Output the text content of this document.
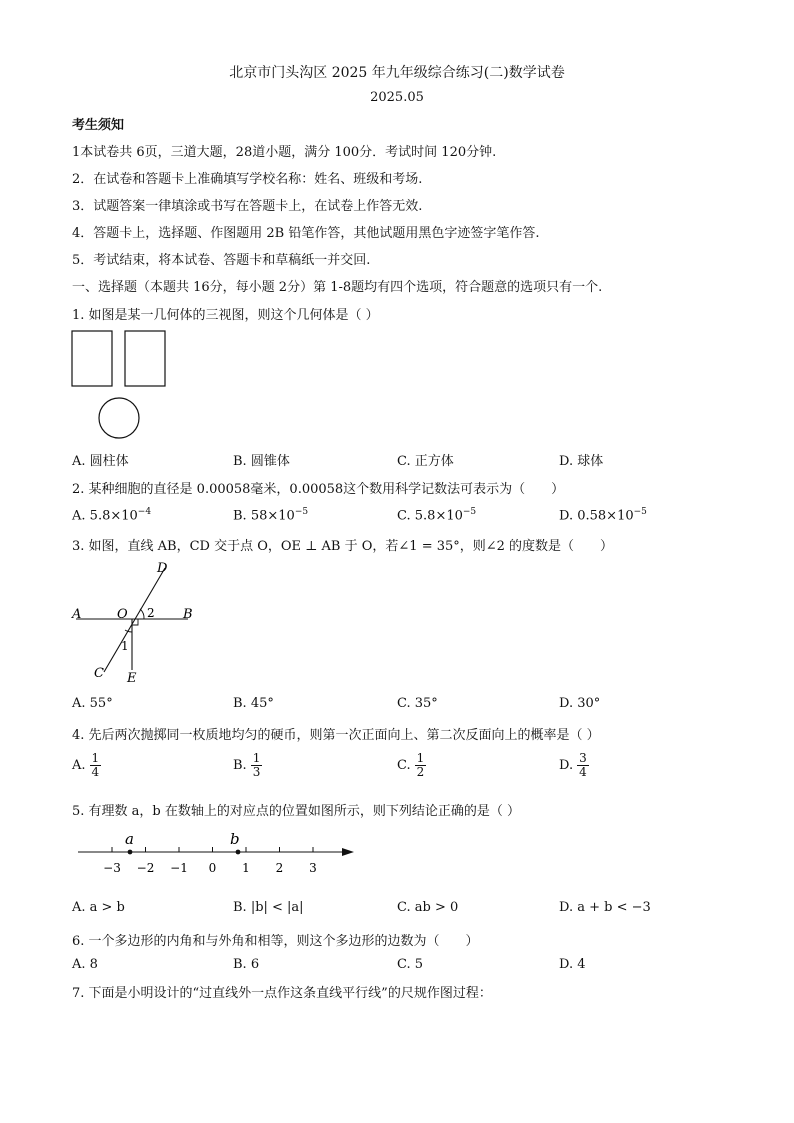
北京市门头沟区 2025 年九年级综合练习(二)数学试卷
2025.05
考生须知
1本试卷共 6页，三道大题，28道小题，满分 100分．考试时间 120分钟.
2．在试卷和答题卡上准确填写学校名称：姓名、班级和考场.
3．试题答案一律填涂或书写在答题卡上，在试卷上作答无效.
4．答题卡上，选择题、作图题用 2B 铅笔作答，其他试题用黑色字迹签字笔作答.
5．考试结束，将本试卷、答题卡和草稿纸一并交回.
一、选择题（本题共 16分，每小题 2分）第 1-8题均有四个选项，符合题意的选项只有一个.
1. 如图是某一几何体的三视图，则这个几何体是（ ）
A. 圆柱体	B. 圆锥体	C. 正方体	D. 球体
2. 某种细胞的直径是 0.00058毫米，0.00058这个数用科学记数法可表示为（　　）
A. $5.8\times 10^{-4}$	B. $58\times 10^{-5}$	C. $5.8\times 10^{-5}$	D. $0.58\times 10^{-5}$
3. 如图，直线 AB，CD 交于点 O，OE ⊥ AB 于 O，若∠1 = 35°，则∠2 的度数是（　　）
A	B
D
C
O
E
2
1
A. 55°	B. 45°	C. 35°	D. 30°
4. 先后两次抛掷同一枚质地均匀的硬币，则第一次正面向上、第二次反面向上的概率是（ ）
A. $\frac{1}{4}$	B. $\frac{1}{3}$	C. $\frac{1}{2}$	D. $\frac{3}{4}$
5. 有理数 a，b 在数轴上的对应点的位置如图所示，则下列结论正确的是（ ）
−3 −2 −1 0 1 2 3
a	b
A. a > b	B. |b| < |a|	C. ab > 0	D. a + b < −3
6. 一个多边形的内角和与外角和相等，则这个多边形的边数为（　　）
A. 8	B. 6	C. 5	D. 4
7. 下面是小明设计的“过直线外一点作这条直线平行线”的尺规作图过程：
